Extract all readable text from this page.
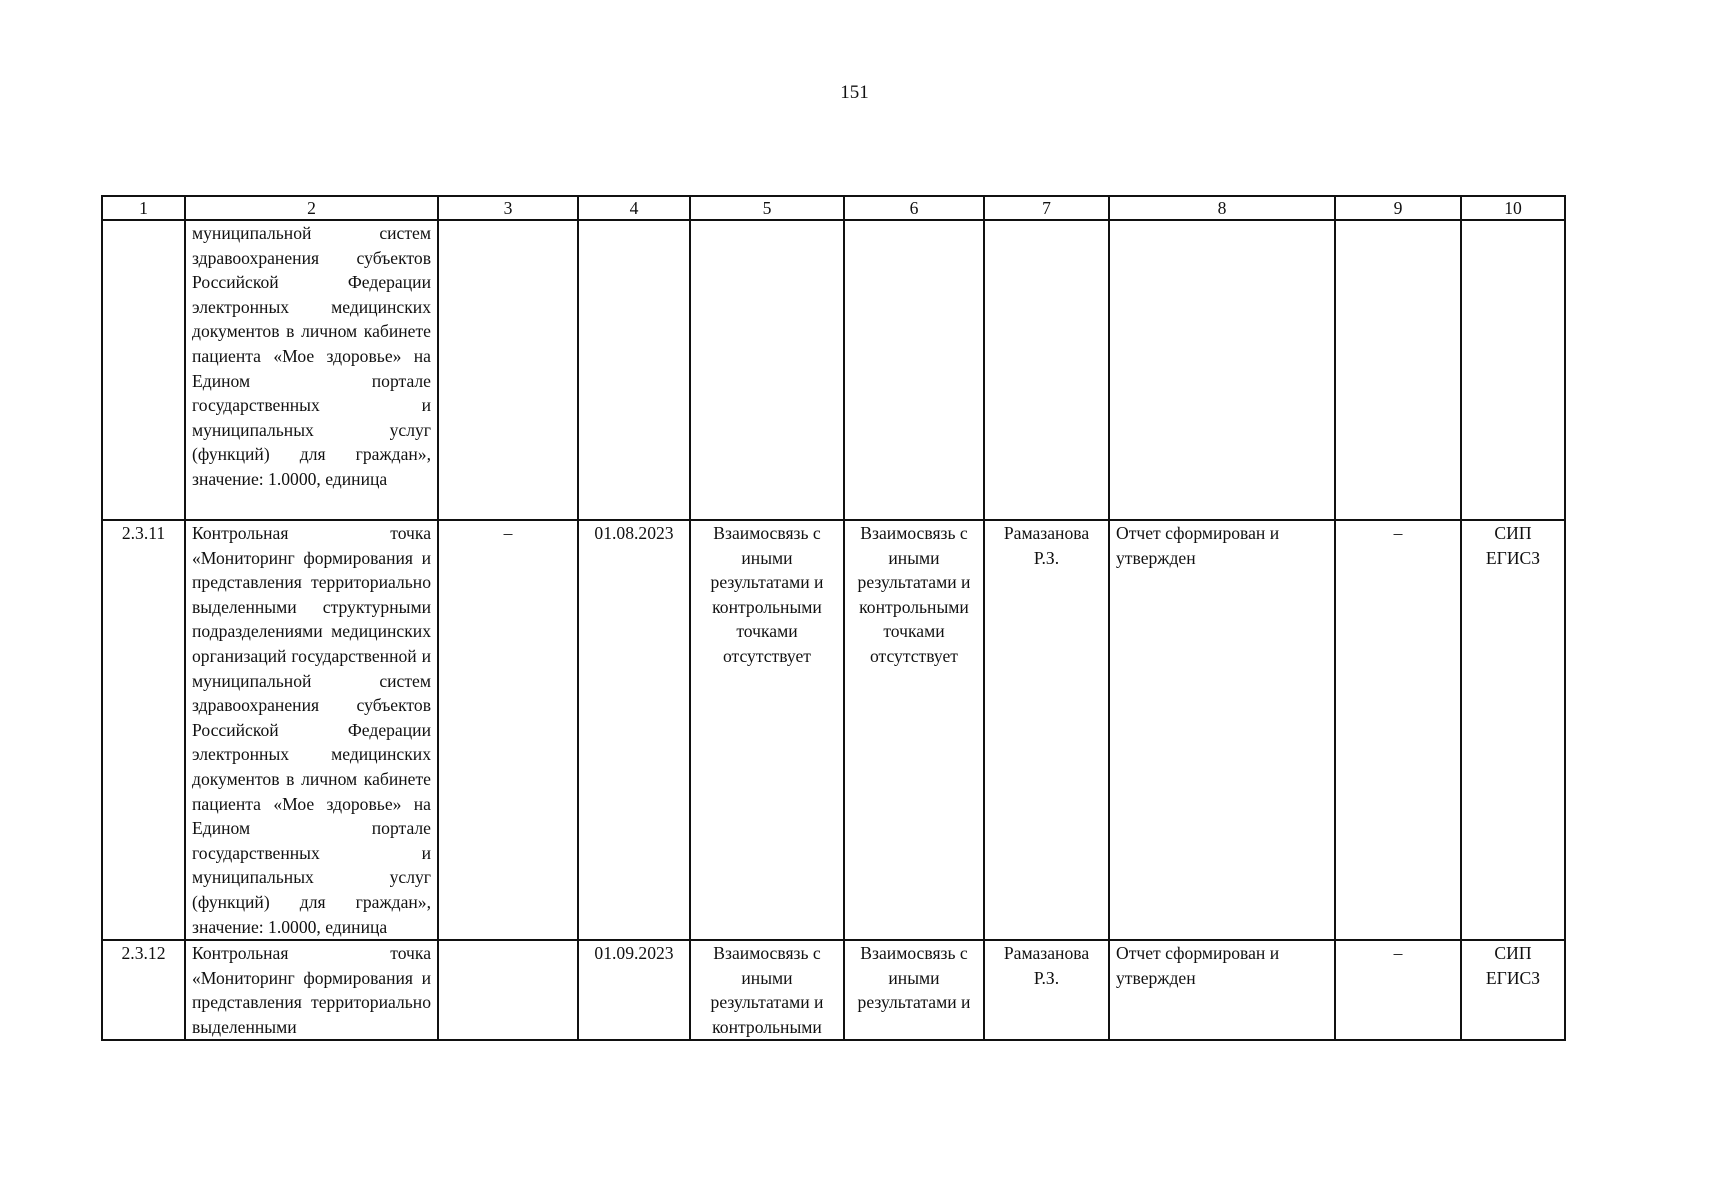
151
1	2	3	4	5	6	7	8	9	10
	муниципальной систем здравоохранения субъектов Российской Федерации электронных медицинских документов в личном кабинете пациента «Мое здоровье» на Едином портале государственных и муниципальных услуг (функций) для граждан», значение: 1.0000, единица								
2.3.11	Контрольная точка «Мониторинг формирования и представления территориально выделенными структурными подразделениями медицинских организаций государственной и муниципальной систем здравоохранения субъектов Российской Федерации электронных медицинских документов в личном кабинете пациента «Мое здоровье» на Едином портале государственных и муниципальных услуг (функций) для граждан», значение: 1.0000, единица	–	01.08.2023	Взаимосвязь с иными результатами и контрольными точками отсутствует	Взаимосвязь с иными результатами и контрольными точками отсутствует	Рамазанова Р.З.	Отчет сформирован и утвержден	–	СИП ЕГИСЗ
2.3.12	Контрольная точка «Мониторинг формирования и представления территориально выделенными		01.09.2023	Взаимосвязь с иными результатами и контрольными	Взаимосвязь с иными результатами и	Рамазанова Р.З.	Отчет сформирован и утвержден	–	СИП ЕГИСЗ
